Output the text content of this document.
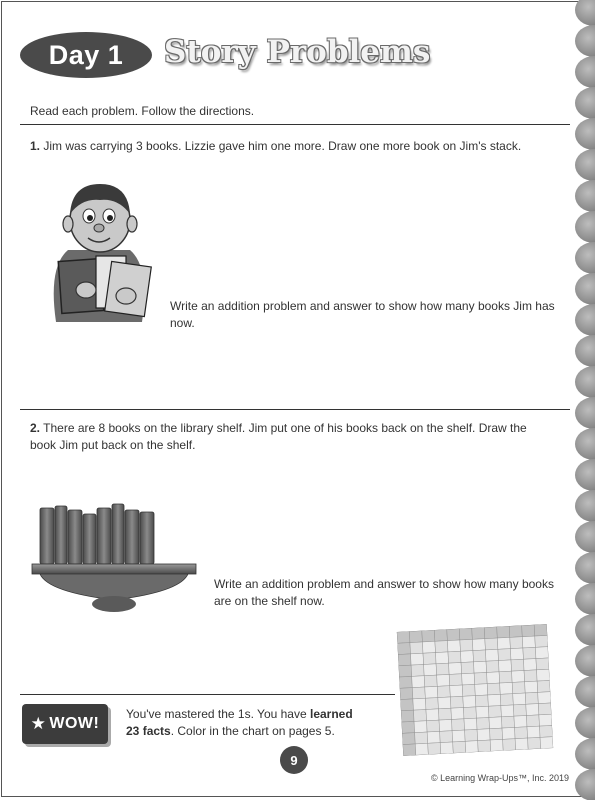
Day 1 Story Problems
Read each problem. Follow the directions.
1. Jim was carrying 3 books. Lizzie gave him one more. Draw one more book on Jim's stack.
Write an addition problem and answer to show how many books Jim has now.
2. There are 8 books on the library shelf. Jim put one of his books back on the shelf. Draw the book Jim put back on the shelf.
Write an addition problem and answer to show how many books are on the shelf now.
★ WOW!
You've mastered the 1s. You have learned 23 facts. Color in the chart on pages 5.
9
© Learning Wrap-Ups™, Inc. 2019
